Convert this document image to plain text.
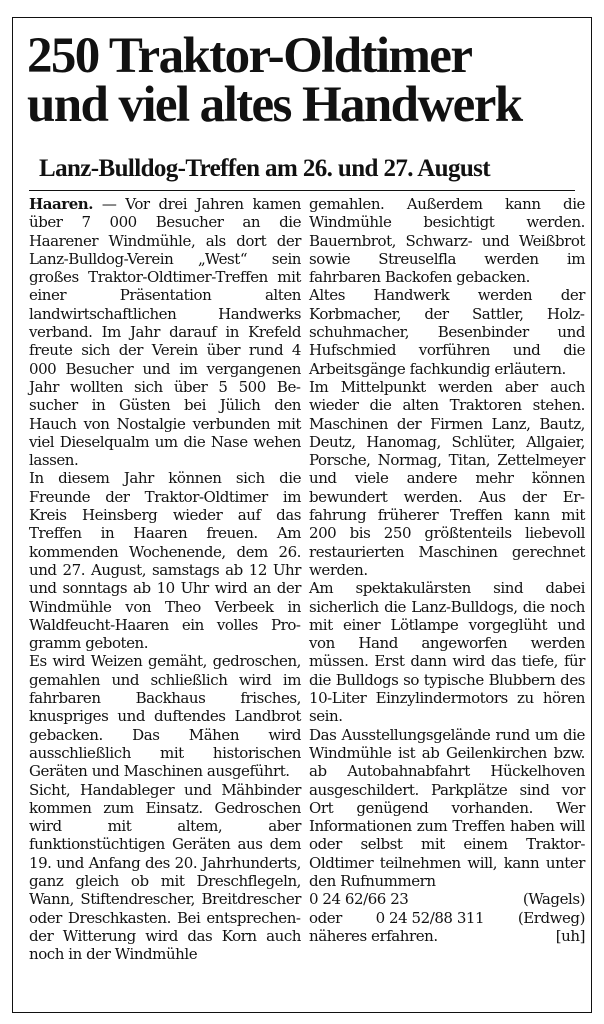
250 Traktor-Oldtimer
und viel altes Handwerk
Lanz-Bulldog-Treffen am 26. und 27. August

Haaren. — Vor drei Jahren kamen über 7 000 Besucher an die Haarener Windmühle, als dort der Lanz-Bulldog-Verein „West“ sein großes Traktor-Oldtimer-Treffen mit einer Präsentation alten landwirtschaftlichen Handwerks verband. Im Jahr darauf in Krefeld freute sich der Verein über rund 4 000 Besucher und im vergangenen Jahr wollten sich über 5 500 Besucher in Güsten bei Jülich den Hauch von Nostalgie verbunden mit viel Dieselqualm um die Nase wehen lassen.

In diesem Jahr können sich die Freunde der Traktor-Oldtimer im Kreis Heinsberg wieder auf das Treffen in Haaren freuen. Am kommenden Wochenende, dem 26. und 27. August, samstags ab 12 Uhr und sonntags ab 10 Uhr wird an der Windmühle von Theo Verbeek in Waldfeucht-Haaren ein volles Programm geboten.

Es wird Weizen gemäht, gedroschen, gemahlen und schließlich wird im fahrbaren Backhaus frisches, knuspriges und duftendes Landbrot gebacken. Das Mähen wird ausschließlich mit historischen Geräten und Maschinen ausgeführt.

Sicht, Handableger und Mähbinder kommen zum Einsatz. Gedroschen wird mit altem, aber funktionstüchtigen Geräten aus dem 19. und Anfang des 20. Jahrhunderts, ganz gleich ob mit Dreschflegeln, Wann, Stiftendrescher, Breitdrescher oder Dreschkasten. Bei entsprechender Witterung wird das Korn auch noch in der Windmühle

gemahlen. Außerdem kann die Windmühle besichtigt werden. Bauernbrot, Schwarz- und Weißbrot sowie Streuselfla werden im fahrbaren Backofen gebacken.

Altes Handwerk werden der Korbmacher, der Sattler, Holzschuhmacher, Besenbinder und Hufschmied vorführen und die Arbeitsgänge fachkundig erläutern.

Im Mittelpunkt werden aber auch wieder die alten Traktoren stehen. Maschinen der Firmen Lanz, Bautz, Deutz, Hanomag, Schlüter, Allgaier, Porsche, Normag, Titan, Zettelmeyer und viele andere mehr können bewundert werden. Aus der Erfahrung früherer Treffen kann mit 200 bis 250 größtenteils liebevoll restaurierten Maschinen gerechnet werden.

Am spektakulärsten sind dabei sicherlich die Lanz-Bulldogs, die noch mit einer Lötlampe vorgeglüht und von Hand angeworfen werden müssen. Erst dann wird das tiefe, für die Bulldogs so typische Blubbern des 10-Liter Einzylindermotors zu hören sein.

Das Ausstellungsgelände rund um die Windmühle ist ab Geilenkirchen bzw. ab Autobahnabfahrt Hückelhoven ausgeschildert. Parkplätze sind vor Ort genügend vorhanden. Wer Informationen zum Treffen haben will oder selbst mit einem Traktor-Oldtimer teilnehmen will, kann unter den Rufnummern

0 24 62/66 23	(Wagels)
oder 0 24 52/88 311 (Erdweg)
näheres erfahren.	[uh]
